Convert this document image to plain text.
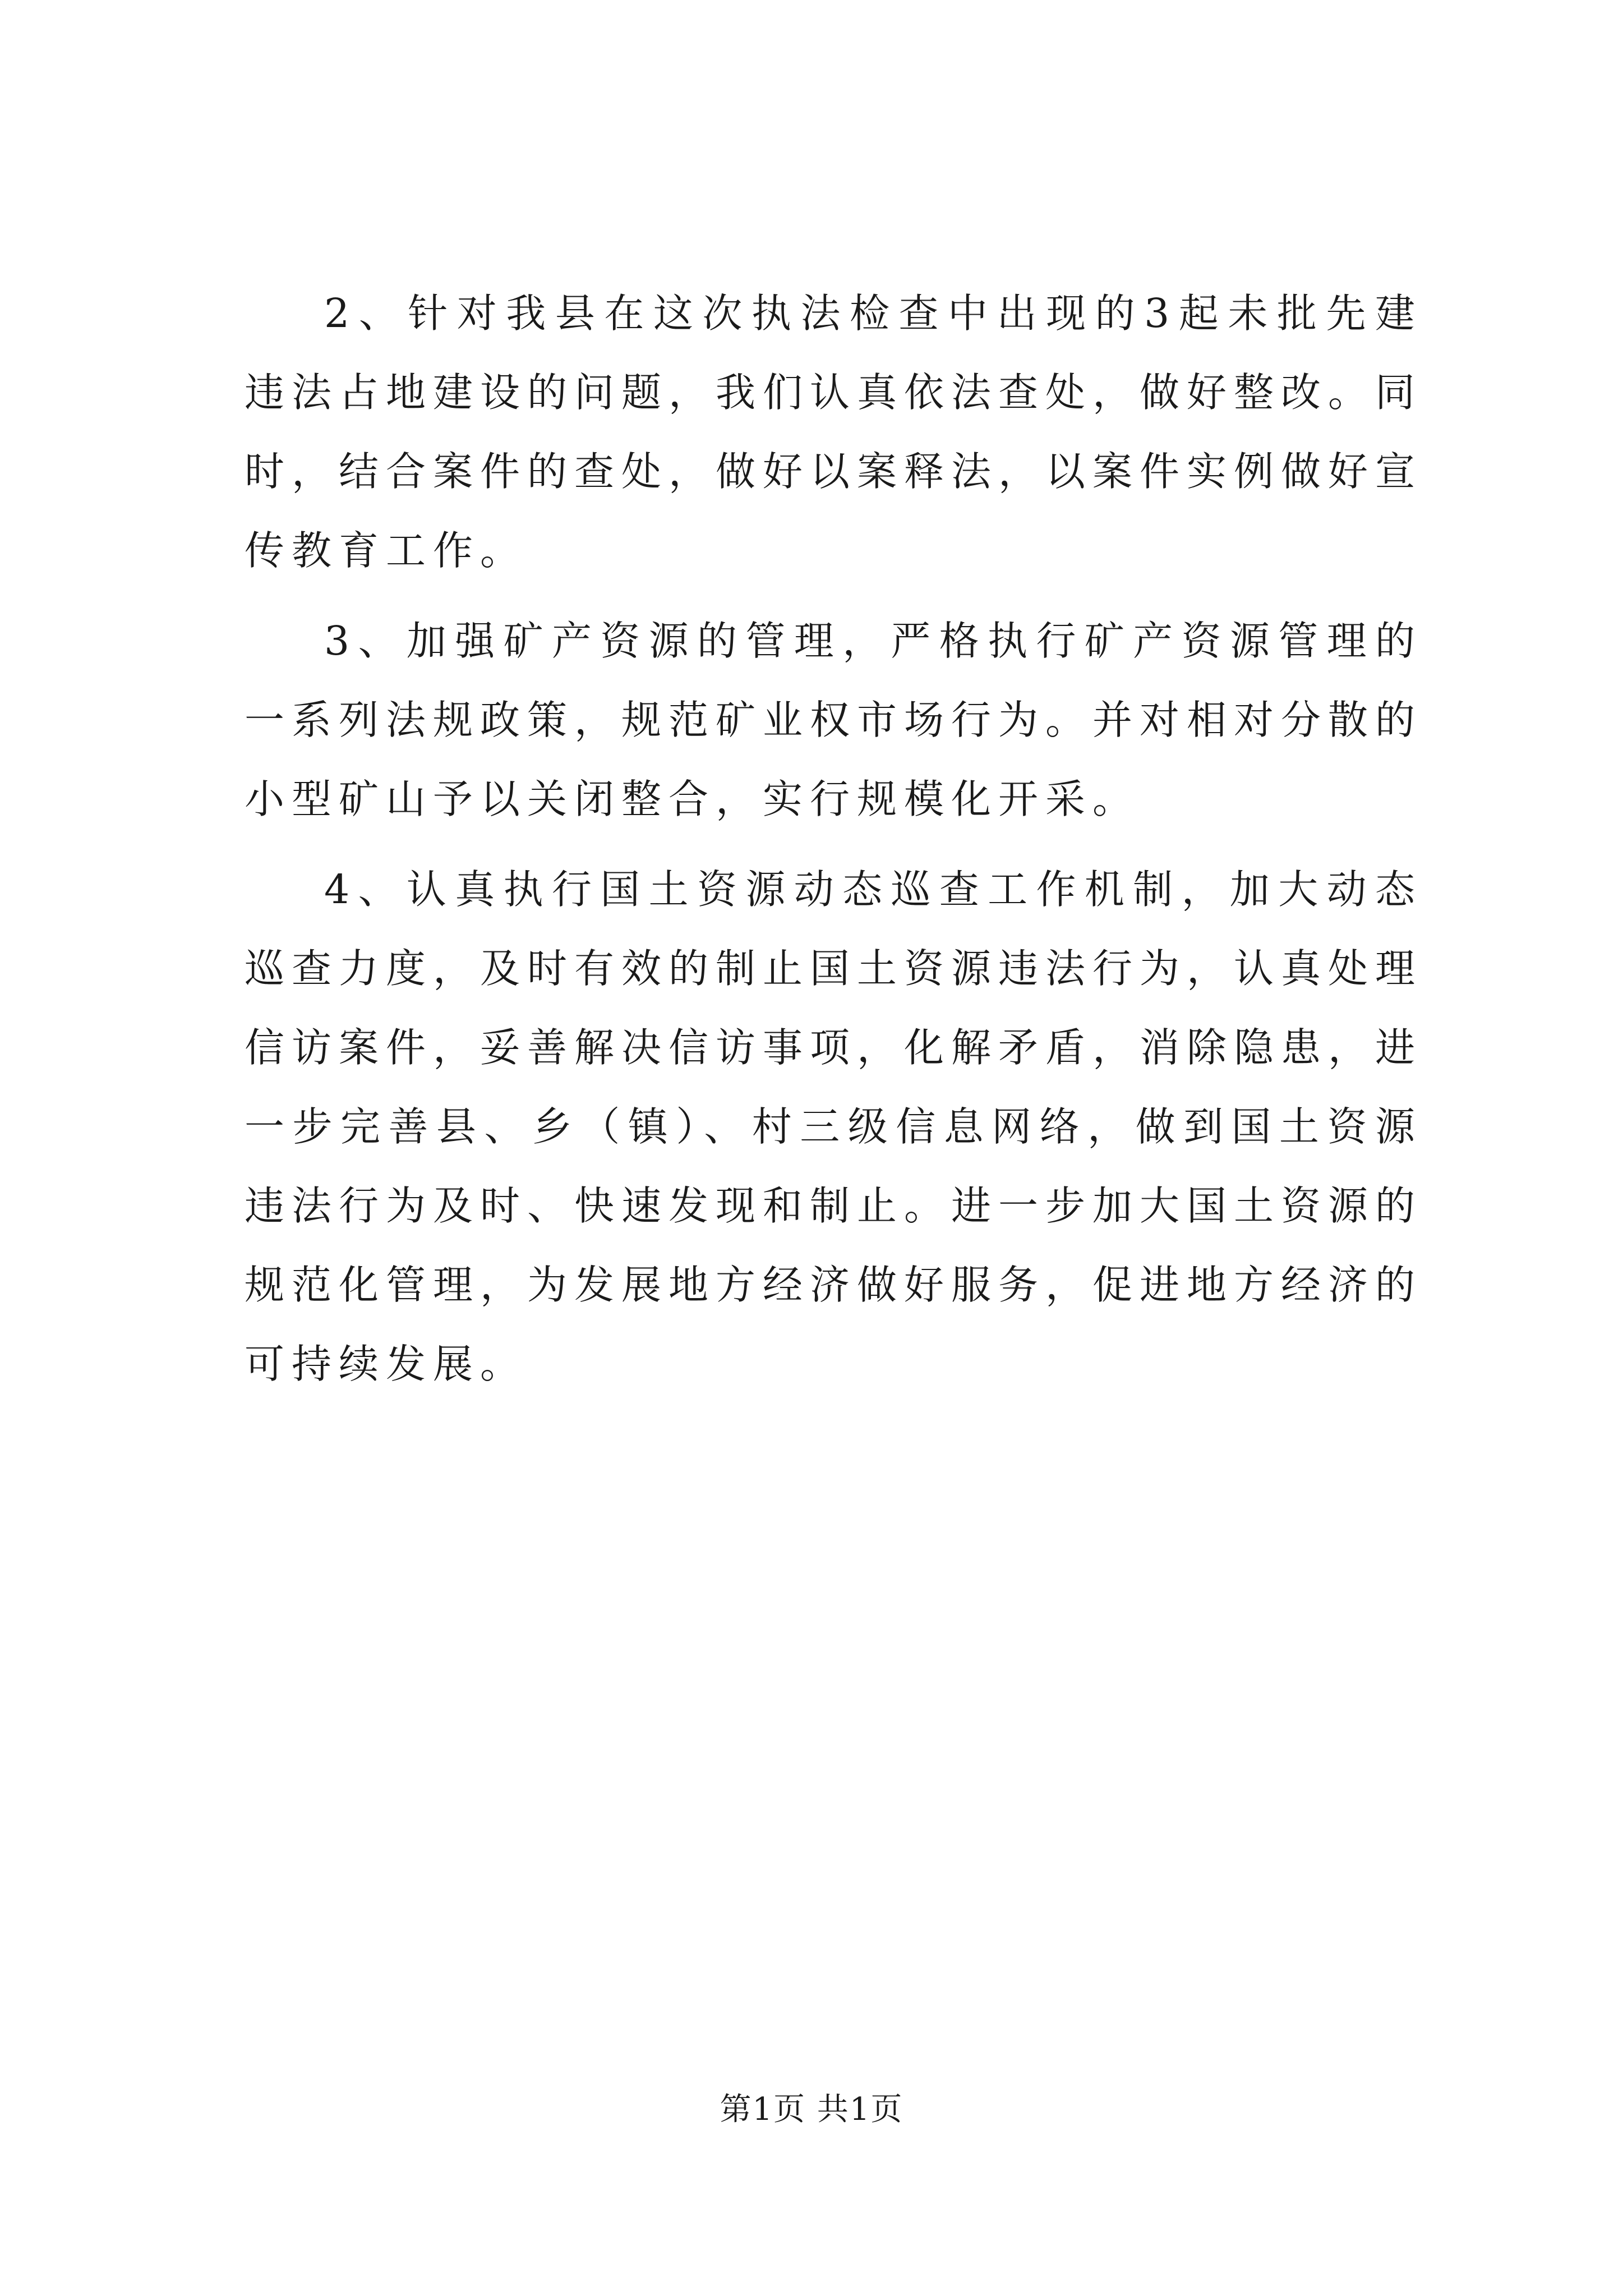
2、针对我县在这次执法检查中出现的3起未批先建违法占地建设的问题，我们认真依法查处，做好整改。同时，结合案件的查处，做好以案释法，以案件实例做好宣传教育工作。

3、加强矿产资源的管理，严格执行矿产资源管理的一系列法规政策，规范矿业权市场行为。并对相对分散的小型矿山予以关闭整合，实行规模化开采。

4、认真执行国土资源动态巡查工作机制，加大动态巡查力度，及时有效的制止国土资源违法行为，认真处理信访案件，妥善解决信访事项，化解矛盾，消除隐患，进一步完善县、乡（镇）、村三级信息网络，做到国土资源违法行为及时、快速发现和制止。进一步加大国土资源的规范化管理，为发展地方经济做好服务，促进地方经济的可持续发展。

第1页 共1页
